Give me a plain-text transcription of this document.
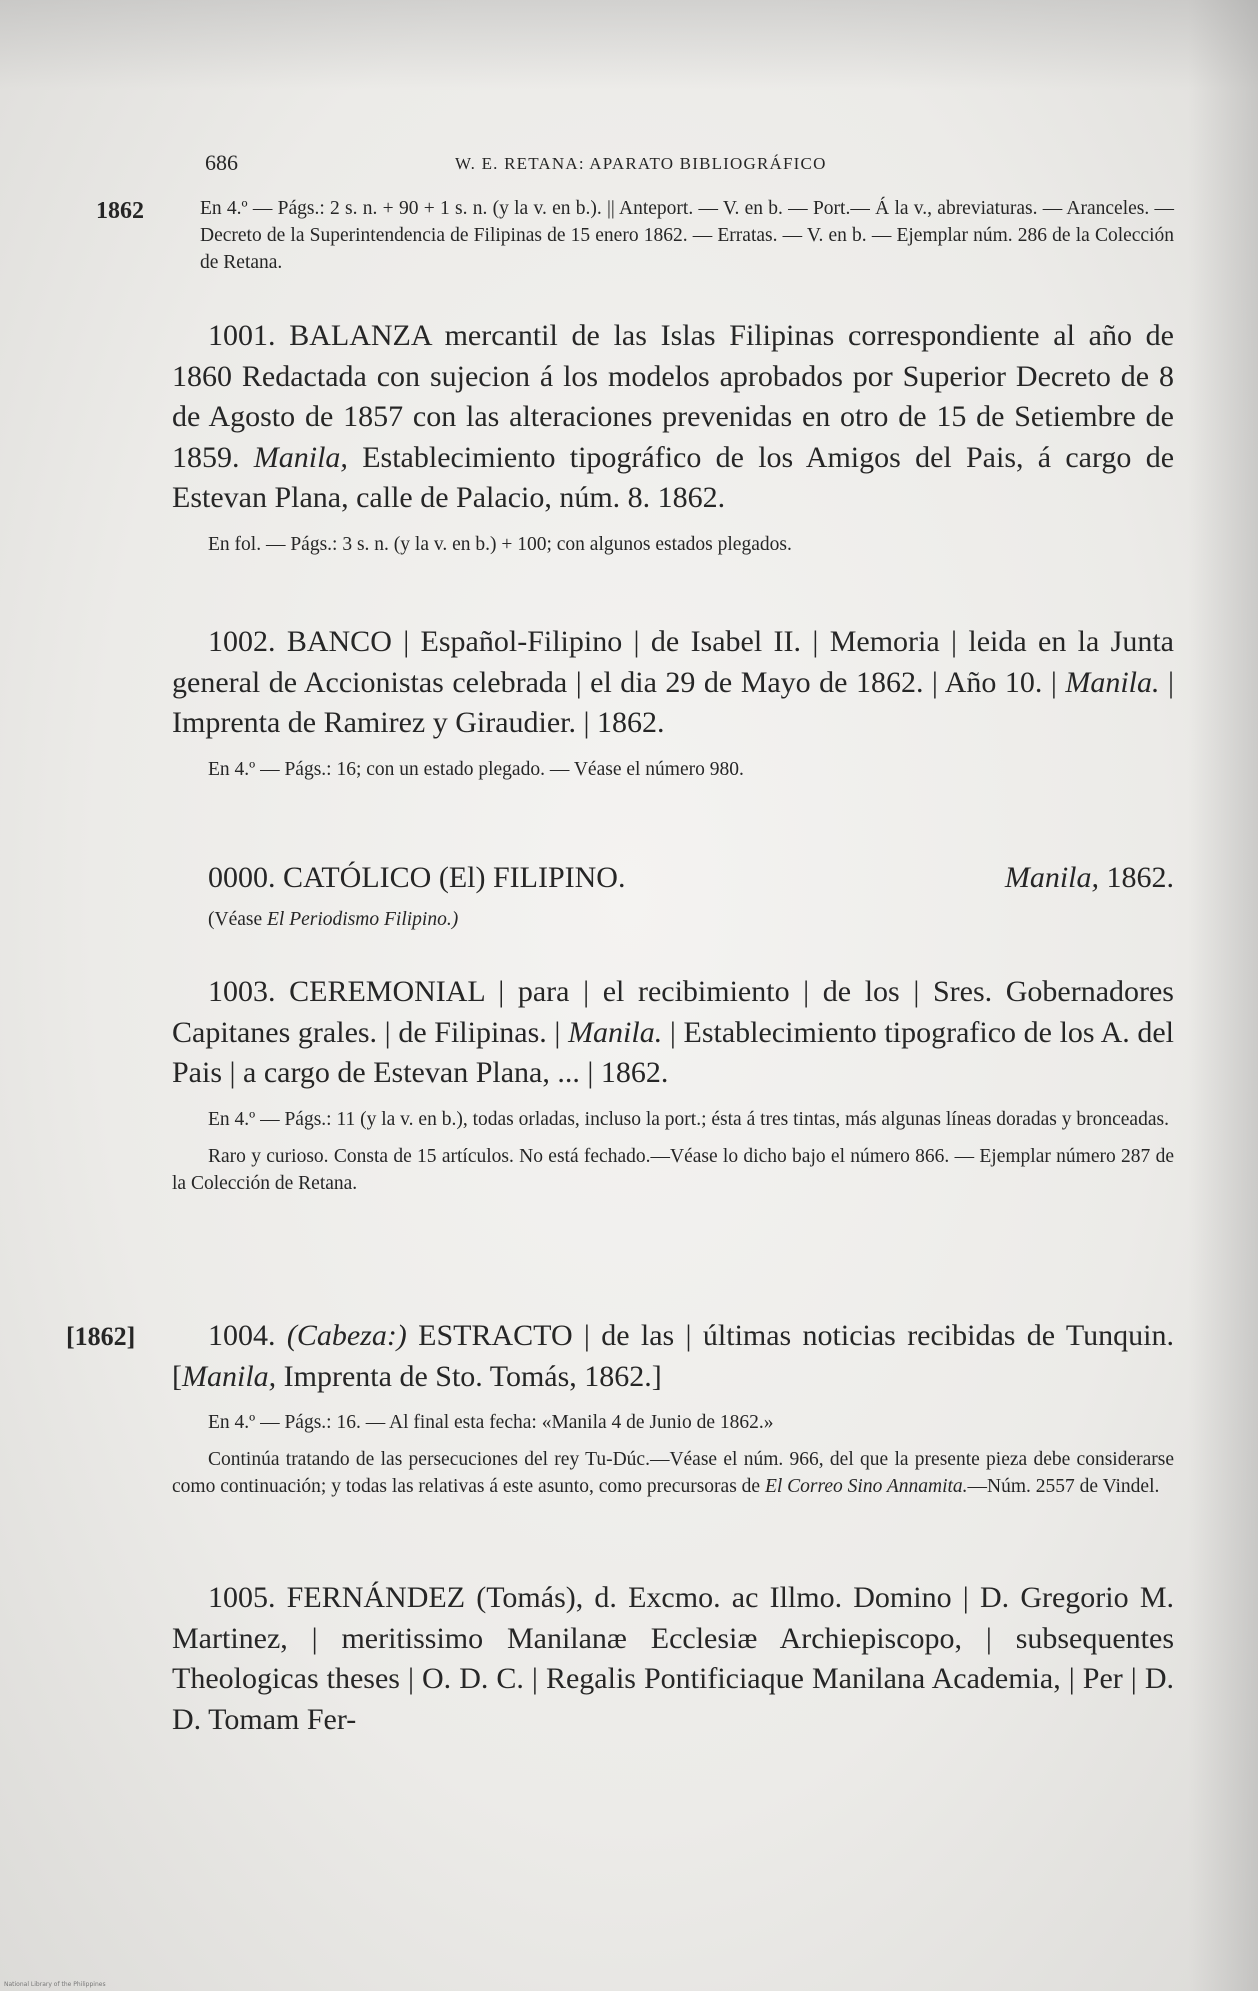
686	W. E. RETANA: APARATO BIBLIOGRÁFICO
1862	En 4.º — Págs.: 2 s. n. + 90 + 1 s. n. (y la v. en b.). || Anteport. — V. en b. — Port.— Á la v., abreviaturas. — Aranceles. — Decreto de la Superintendencia de Filipinas de 15 enero 1862. — Erratas. — V. en b. — Ejemplar núm. 286 de la Colección de Retana.

1001. BALANZA mercantil de las Islas Filipinas correspondiente al año de 1860 Redactada con sujecion á los modelos aprobados por Superior Decreto de 8 de Agosto de 1857 con las alteraciones prevenidas en otro de 15 de Setiembre de 1859. Manila, Establecimiento tipográfico de los Amigos del Pais, á cargo de Estevan Plana, calle de Palacio, núm. 8. 1862.

En fol. — Págs.: 3 s. n. (y la v. en b.) + 100; con algunos estados plegados.

1002. BANCO | Español-Filipino | de Isabel II. | Memoria | leida en la Junta general de Accionistas celebrada | el dia 29 de Mayo de 1862. | Año 10. | Manila. | Imprenta de Ramirez y Giraudier. | 1862.

En 4.º — Págs.: 16; con un estado plegado. — Véase el número 980.

0000. CATÓLICO (El) FILIPINO.	Manila, 1862.

(Véase El Periodismo Filipino.)

1003. CEREMONIAL | para | el recibimiento | de los | Sres. Gobernadores Capitanes grales. | de Filipinas. | Manila. | Establecimiento tipografico de los A. del Pais | a cargo de Estevan Plana, ... | 1862.

En 4.º — Págs.: 11 (y la v. en b.), todas orladas, incluso la port.; ésta á tres tintas, más algunas líneas doradas y bronceadas.

Raro y curioso. Consta de 15 artículos. No está fechado.—Véase lo dicho bajo el número 866. — Ejemplar número 287 de la Colección de Retana.

[1862]	1004. (Cabeza:) ESTRACTO | de las | últimas noticias recibidas de Tunquin. [Manila, Imprenta de Sto. Tomás, 1862.]

En 4.º — Págs.: 16. — Al final esta fecha: «Manila 4 de Junio de 1862.»

Continúa tratando de las persecuciones del rey Tu-Dúc.—Véase el núm. 966, del que la presente pieza debe considerarse como continuación; y todas las relativas á este asunto, como precursoras de El Correo Sino Annamita.—Núm. 2557 de Vindel.

1005. FERNÁNDEZ (Tomás), d. Excmo. ac Illmo. Domino | D. Gregorio M. Martinez, | meritissimo Manilanæ Ecclesiæ Archiepiscopo, | subsequentes Theologicas theses | O. D. C. | Regalis Pontificiaque Manilana Academia, | Per | D. D. Tomam Fer-

National Library of the Philippines
